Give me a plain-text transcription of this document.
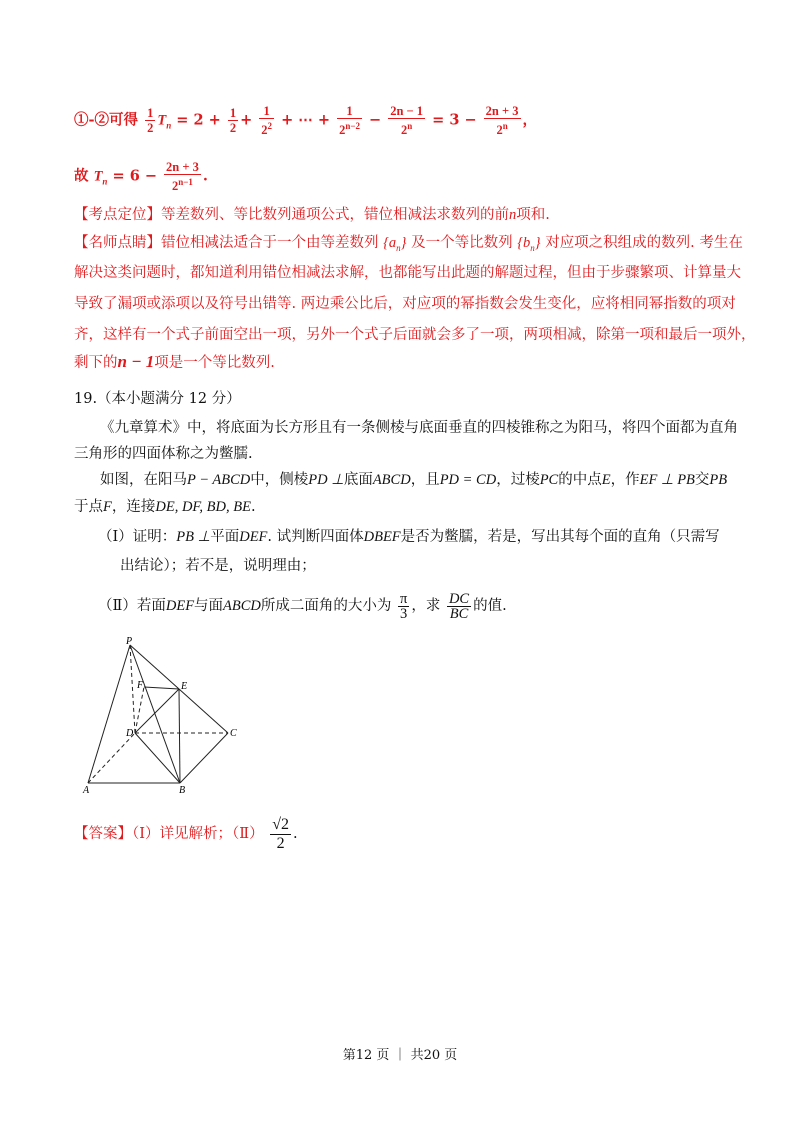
①-②可得 $\frac{1}{2} T_n = 2 + \frac{1}{2} + \frac{1}{2^2}$ + ⋯ + $\frac{1}{2^{n-2}} - \frac{2n - 1}{2^n} = 3 - \frac{2n + 3}{2^n}$ ，
故 $T_n = 6 - \frac{2n + 3}{2^{n-1}}$ .
【考点定位】等差数列、等比数列通项公式，错位相减法求数列的前n项和.
【名师点睛】错位相减法适合于一个由等差数列 $\{a_n\}$ 及一个等比数列 $\{b_n\}$ 对应项之积组成的数列. 考生在
解决这类问题时，都知道利用错位相减法求解，也都能写出此题的解题过程，但由于步骤繁项、计算量大
导致了漏项或添项以及符号出错等. 两边乘公比后，对应项的幂指数会发生变化，应将相同幂指数的项对
齐，这样有一个式子前面空出一项，另外一个式子后面就会多了一项，两项相减，除第一项和最后一项外，
剩下的n − 1项是一个等比数列.
19.（本小题满分 12 分）
《九章算术》中，将底面为长方形且有一条侧棱与底面垂直的四棱锥称之为阳马，将四个面都为直角
三角形的四面体称之为鳖臑.
如图，在阳马P − ABCD中，侧棱PD ⊥底面ABCD，且PD = CD，过棱PC的中点E，作EF ⊥ PB交PB
于点F，连接DE, DF, BD, BE.
（Ⅰ）证明：PB ⊥平面DEF. 试判断四面体DBEF是否为鳖臑，若是，写出其每个面的直角（只需写
出结论）；若不是，说明理由；
（Ⅱ）若面DEF与面ABCD所成二面角的大小为 $\frac{\pi}{3}$ ，求 $\frac{DC}{BC}$ 的值.
P
F	E
D	C
A	B
【答案】（Ⅰ）详见解析；（Ⅱ） $\frac{√2}{2}$ .
第12 页 ｜ 共20 页
